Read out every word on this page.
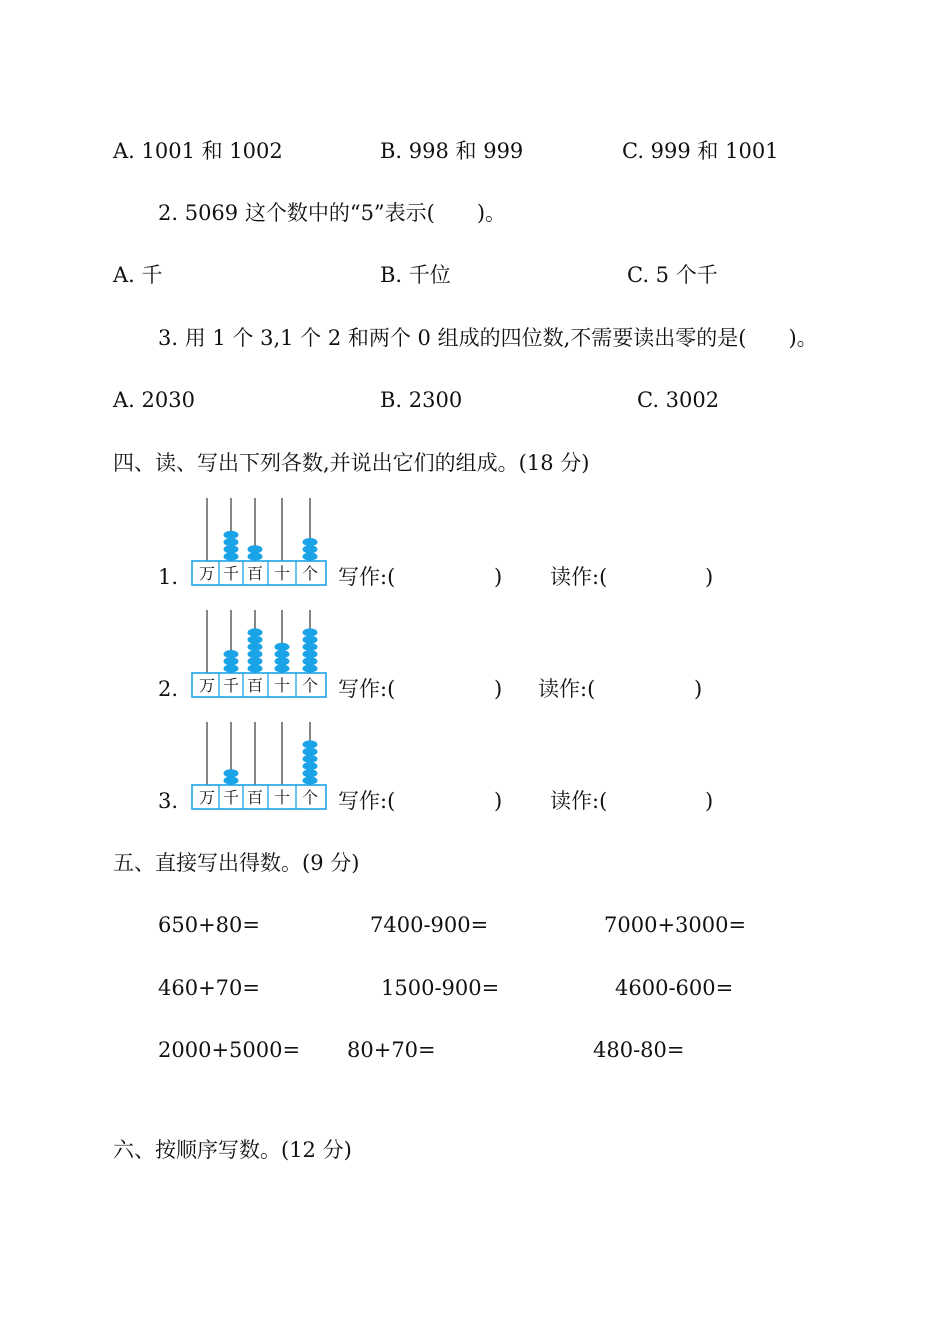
A. 1001 和 1002	B. 998 和 999	C. 999 和 1001
2. 5069 这个数中的“5”表示(　　)。
A. 千	B. 千位	C. 5 个千
3. 用 1 个 3,1 个 2 和两个 0 组成的四位数,不需要读出零的是(　　)。
A. 2030	B. 2300	C. 3002
四、读、写出下列各数,并说出它们的组成。(18 分)
1. 万 千 百 十 个 写作:(	) 读作:(	)
2. 万 千 百 十 个 写作:(	) 读作:(	)
3. 万 千 百 十 个 写作:(	) 读作:(	)
五、直接写出得数。(9 分)
650+80=	7400-900=	7000+3000=
460+70=	1500-900=	4600-600=
2000+5000= 80+70=	480-80=
六、按顺序写数。(12 分)
